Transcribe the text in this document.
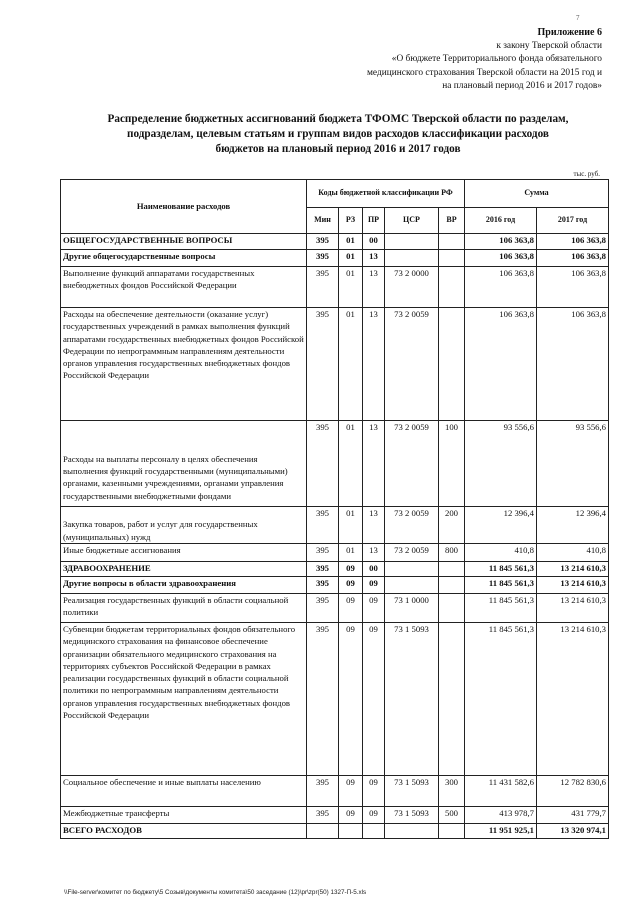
7
Приложение 6
к закону Тверской области
«О бюджете Территориального фонда обязательного
медицинского страхования Тверской области на 2015 год и
на плановый период 2016 и 2017 годов»
Распределение бюджетных ассигнований бюджета ТФОМС Тверской области по разделам,
подразделам, целевым статьям и группам видов расходов классификации расходов
бюджетов на плановый период 2016 и 2017 годов
тыс. руб.
Наименование расходов	Коды бюджетной классификации РФ					Сумма	
	Мин	РЗ	ПР	ЦСР	ВР	2016 год	2017 год
ОБЩЕГОСУДАРСТВЕННЫЕ ВОПРОСЫ	395	01	00			106 363,8	106 363,8
Другие общегосударственные вопросы	395	01	13			106 363,8	106 363,8
Выполнение функций аппаратами государственных внебюджетных фондов Российской Федерации	395	01	13	73 2 0000		106 363,8	106 363,8
Расходы на обеспечение деятельности (оказание услуг) государственных учреждений в рамках выполнения функций аппаратами государственных внебюджетных фондов Российской Федерации по непрограммным направлениям деятельности органов управления государственных внебюджетных фондов Российской Федерации	395	01	13	73 2 0059		106 363,8	106 363,8
Расходы на выплаты персоналу в целях обеспечения выполнения функций государственными (муниципальными) органами, казенными учреждениями, органами управления государственными внебюджетными фондами	395	01	13	73 2 0059	100	93 556,6	93 556,6
Закупка товаров, работ и услуг для государственных (муниципальных) нужд	395	01	13	73 2 0059	200	12 396,4	12 396,4
Иные бюджетные ассигнования	395	01	13	73 2 0059	800	410,8	410,8
ЗДРАВООХРАНЕНИЕ	395	09	00			11 845 561,3	13 214 610,3
Другие вопросы в области здравоохранения	395	09	09			11 845 561,3	13 214 610,3
Реализация государственных функций в области социальной политики	395	09	09	73 1 0000		11 845 561,3	13 214 610,3
Субвенции бюджетам территориальных фондов обязательного медицинского страхования на финансовое обеспечение организации обязательного медицинского страхования на территориях субъектов Российской Федерации в рамках реализации государственных функций в области социальной политики по непрограммным направлениям деятельности органов управления государственных внебюджетных фондов Российской Федерации	395	09	09	73 1 5093		11 845 561,3	13 214 610,3
Социальное обеспечение и иные выплаты населению	395	09	09	73 1 5093	300	11 431 582,6	12 782 830,6
Межбюджетные трансферты	395	09	09	73 1 5093	500	413 978,7	431 779,7
ВСЕГО РАСХОДОВ						11 951 925,1	13 320 974,1
\\File-server\комитет по бюджету\5 Созыв\документы комитета\50 заседание (12)\pr\zpr(50) 1327-П-5.xls
